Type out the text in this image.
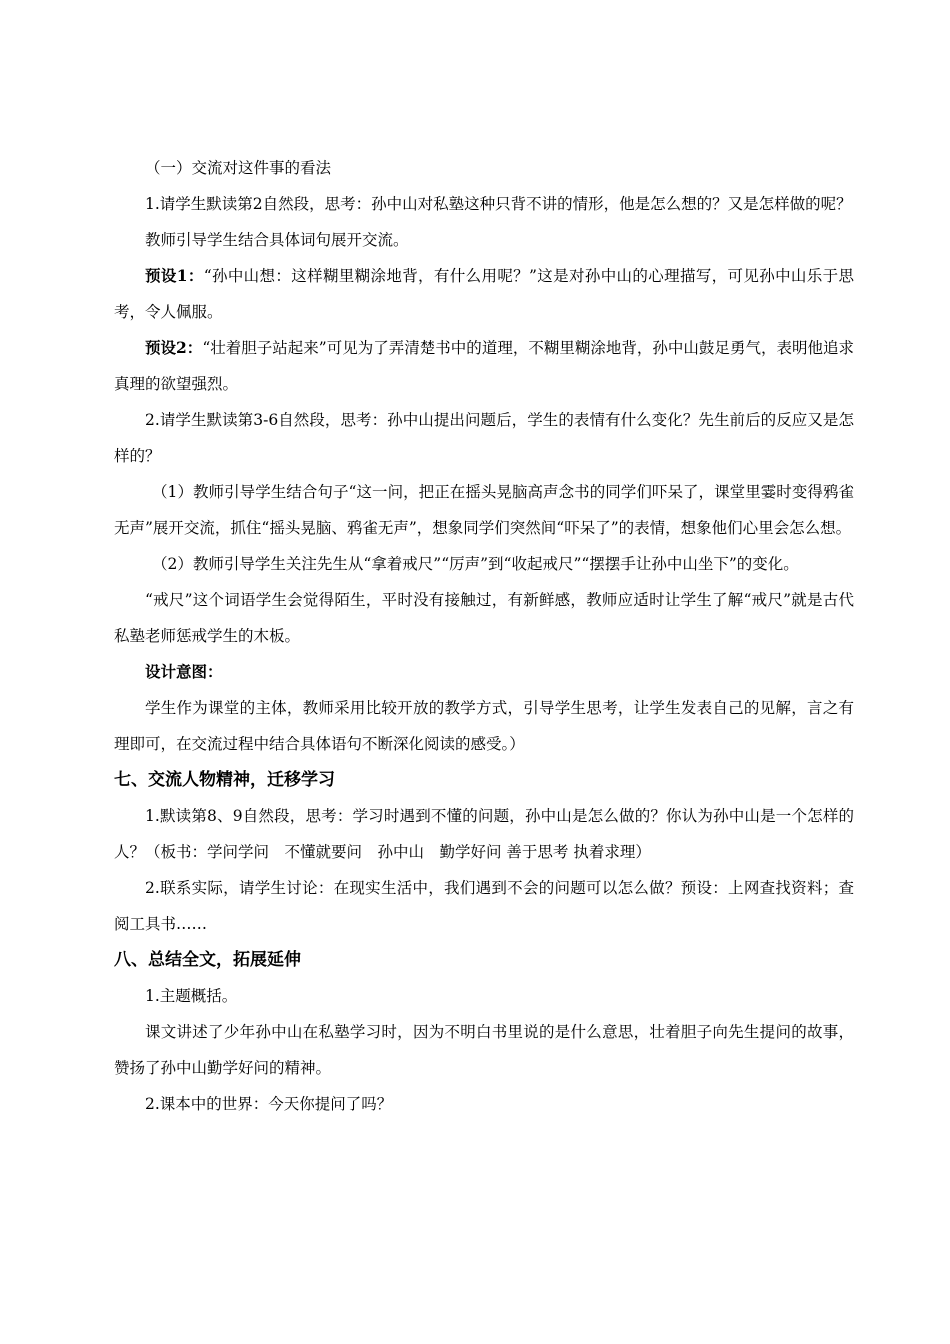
（一）交流对这件事的看法

1.请学生默读第2自然段，思考：孙中山对私塾这种只背不讲的情形，他是怎么想的？又是怎样做的呢？

教师引导学生结合具体词句展开交流。

预设1：“孙中山想：这样糊里糊涂地背，有什么用呢？”这是对孙中山的心理描写，可见孙中山乐于思考，令人佩服。

预设2：“壮着胆子站起来”可见为了弄清楚书中的道理，不糊里糊涂地背，孙中山鼓足勇气，表明他追求真理的欲望强烈。

2.请学生默读第3-6自然段，思考：孙中山提出问题后，学生的表情有什么变化？先生前后的反应又是怎样的？

（1）教师引导学生结合句子“这一问，把正在摇头晃脑高声念书的同学们吓呆了，课堂里霎时变得鸦雀无声”展开交流，抓住“摇头晃脑、鸦雀无声”，想象同学们突然间“吓呆了”的表情，想象他们心里会怎么想。

（2）教师引导学生关注先生从“拿着戒尺”“厉声”到“收起戒尺”“摆摆手让孙中山坐下”的变化。

“戒尺”这个词语学生会觉得陌生，平时没有接触过，有新鲜感，教师应适时让学生了解“戒尺”就是古代私塾老师惩戒学生的木板。

设计意图：

学生作为课堂的主体，教师采用比较开放的教学方式，引导学生思考，让学生发表自己的见解，言之有理即可，在交流过程中结合具体语句不断深化阅读的感受。）

七、交流人物精神，迁移学习

1.默读第8、9自然段，思考：学习时遇到不懂的问题，孙中山是怎么做的？你认为孙中山是一个怎样的人？（板书：学问学问　不懂就要问　孙中山　勤学好问 善于思考 执着求理）

2.联系实际，请学生讨论：在现实生活中，我们遇到不会的问题可以怎么做？预设：上网查找资料；查阅工具书……

八、总结全文，拓展延伸

1.主题概括。

课文讲述了少年孙中山在私塾学习时，因为不明白书里说的是什么意思，壮着胆子向先生提问的故事，赞扬了孙中山勤学好问的精神。

2.课本中的世界：今天你提问了吗？
